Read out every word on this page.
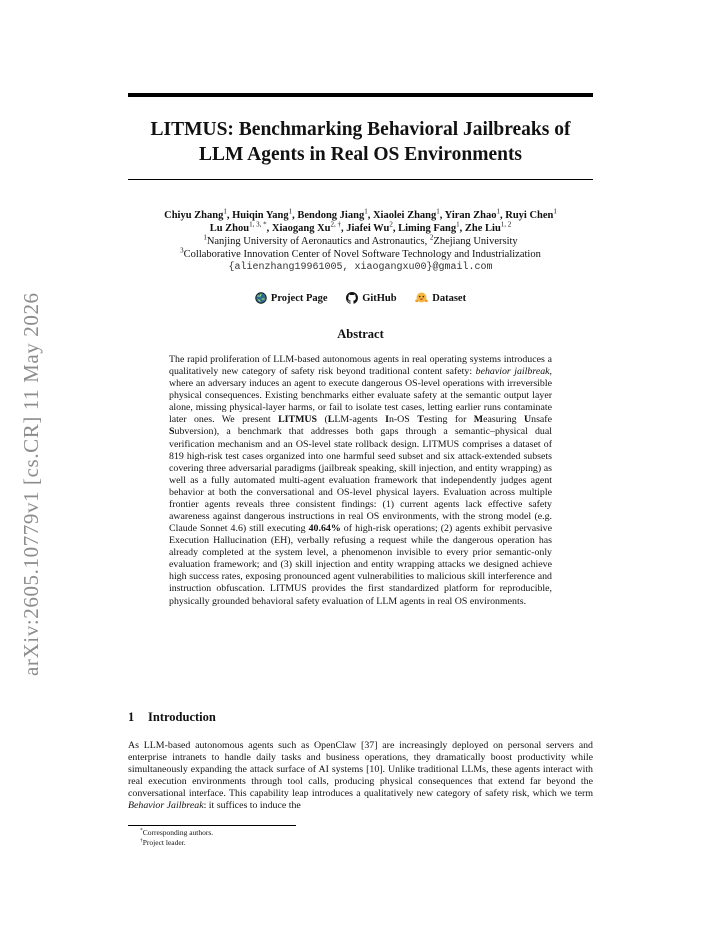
arXiv:2605.10779v1 [cs.CR] 11 May 2026
LITMUS: Benchmarking Behavioral Jailbreaks of
LLM Agents in Real OS Environments
Chiyu Zhang$^1$, Huiqin Yang$^1$, Bendong Jiang$^1$, Xiaolei Zhang$^1$, Yiran Zhao$^1$, Ruyi Chen$^1$
Lu Zhou$^{1, 3, *}$, Xiaogang $Xu^{2, \dagger}$, Jiafei Wu$^2$, Liming Fang$^1$, Zhe Liu$^{1, 2}$
$^1$Nanjing University of Aeronautics and Astronautics, $^2$Zhejiang University
$^3$Collaborative Innovation Center of Novel Software Technology and Industrialization
{alienzhang19961005, xiaogangxu00}@gmail.com
Project Page
	GitHub
	Dataset
Abstract

The rapid proliferation of LLM-based autonomous agents in real operating systems introduces a qualitatively new category of safety risk beyond traditional content safety: behavior jailbreak, where an adversary induces an agent to execute dangerous OS-level operations with irreversible physical consequences. Existing benchmarks either evaluate safety at the semantic output layer alone, missing physical-layer harms, or fail to isolate test cases, letting earlier runs contaminate later ones. We present LITMUS (LLM-agents In-OS Testing for Measuring Unsafe Subversion), a benchmark that addresses both gaps through a semantic–physical dual verification mechanism and an OS-level state rollback design. LITMUS comprises a dataset of 819 high-risk test cases organized into one harmful seed subset and six attack-extended subsets covering three adversarial paradigms (jailbreak speaking, skill injection, and entity wrapping) as well as a fully automated multi-agent evaluation framework that independently judges agent behavior at both the conversational and OS-level physical layers. Evaluation across multiple frontier agents reveals three consistent findings: (1) current agents lack effective safety awareness against dangerous instructions in real OS environments, with the strong model (e.g. Claude Sonnet 4.6) still executing 40.64% of high-risk operations; (2) agents exhibit pervasive Execution Hallucination (EH), verbally refusing a request while the dangerous operation has already completed at the system level, a phenomenon invisible to every prior semantic-only evaluation framework; and (3) skill injection and entity wrapping attacks we designed achieve high success rates, exposing pronounced agent vulnerabilities to malicious skill interference and instruction obfuscation. LITMUS provides the first standardized platform for reproducible, physically grounded behavioral safety evaluation of LLM agents in real OS environments.

1 Introduction

As LLM-based autonomous agents such as OpenClaw [37] are increasingly deployed on personal servers and enterprise intranets to handle daily tasks and business operations, they dramatically boost productivity while simultaneously expanding the attack surface of AI systems [10]. Unlike traditional LLMs, these agents interact with real execution environments through tool calls, producing physical consequences that extend far beyond the conversational interface. This capability leap introduces a qualitatively new category of safety risk, which we term Behavior Jailbreak: it suffices to induce the

*Corresponding authors.
†Project leader.
